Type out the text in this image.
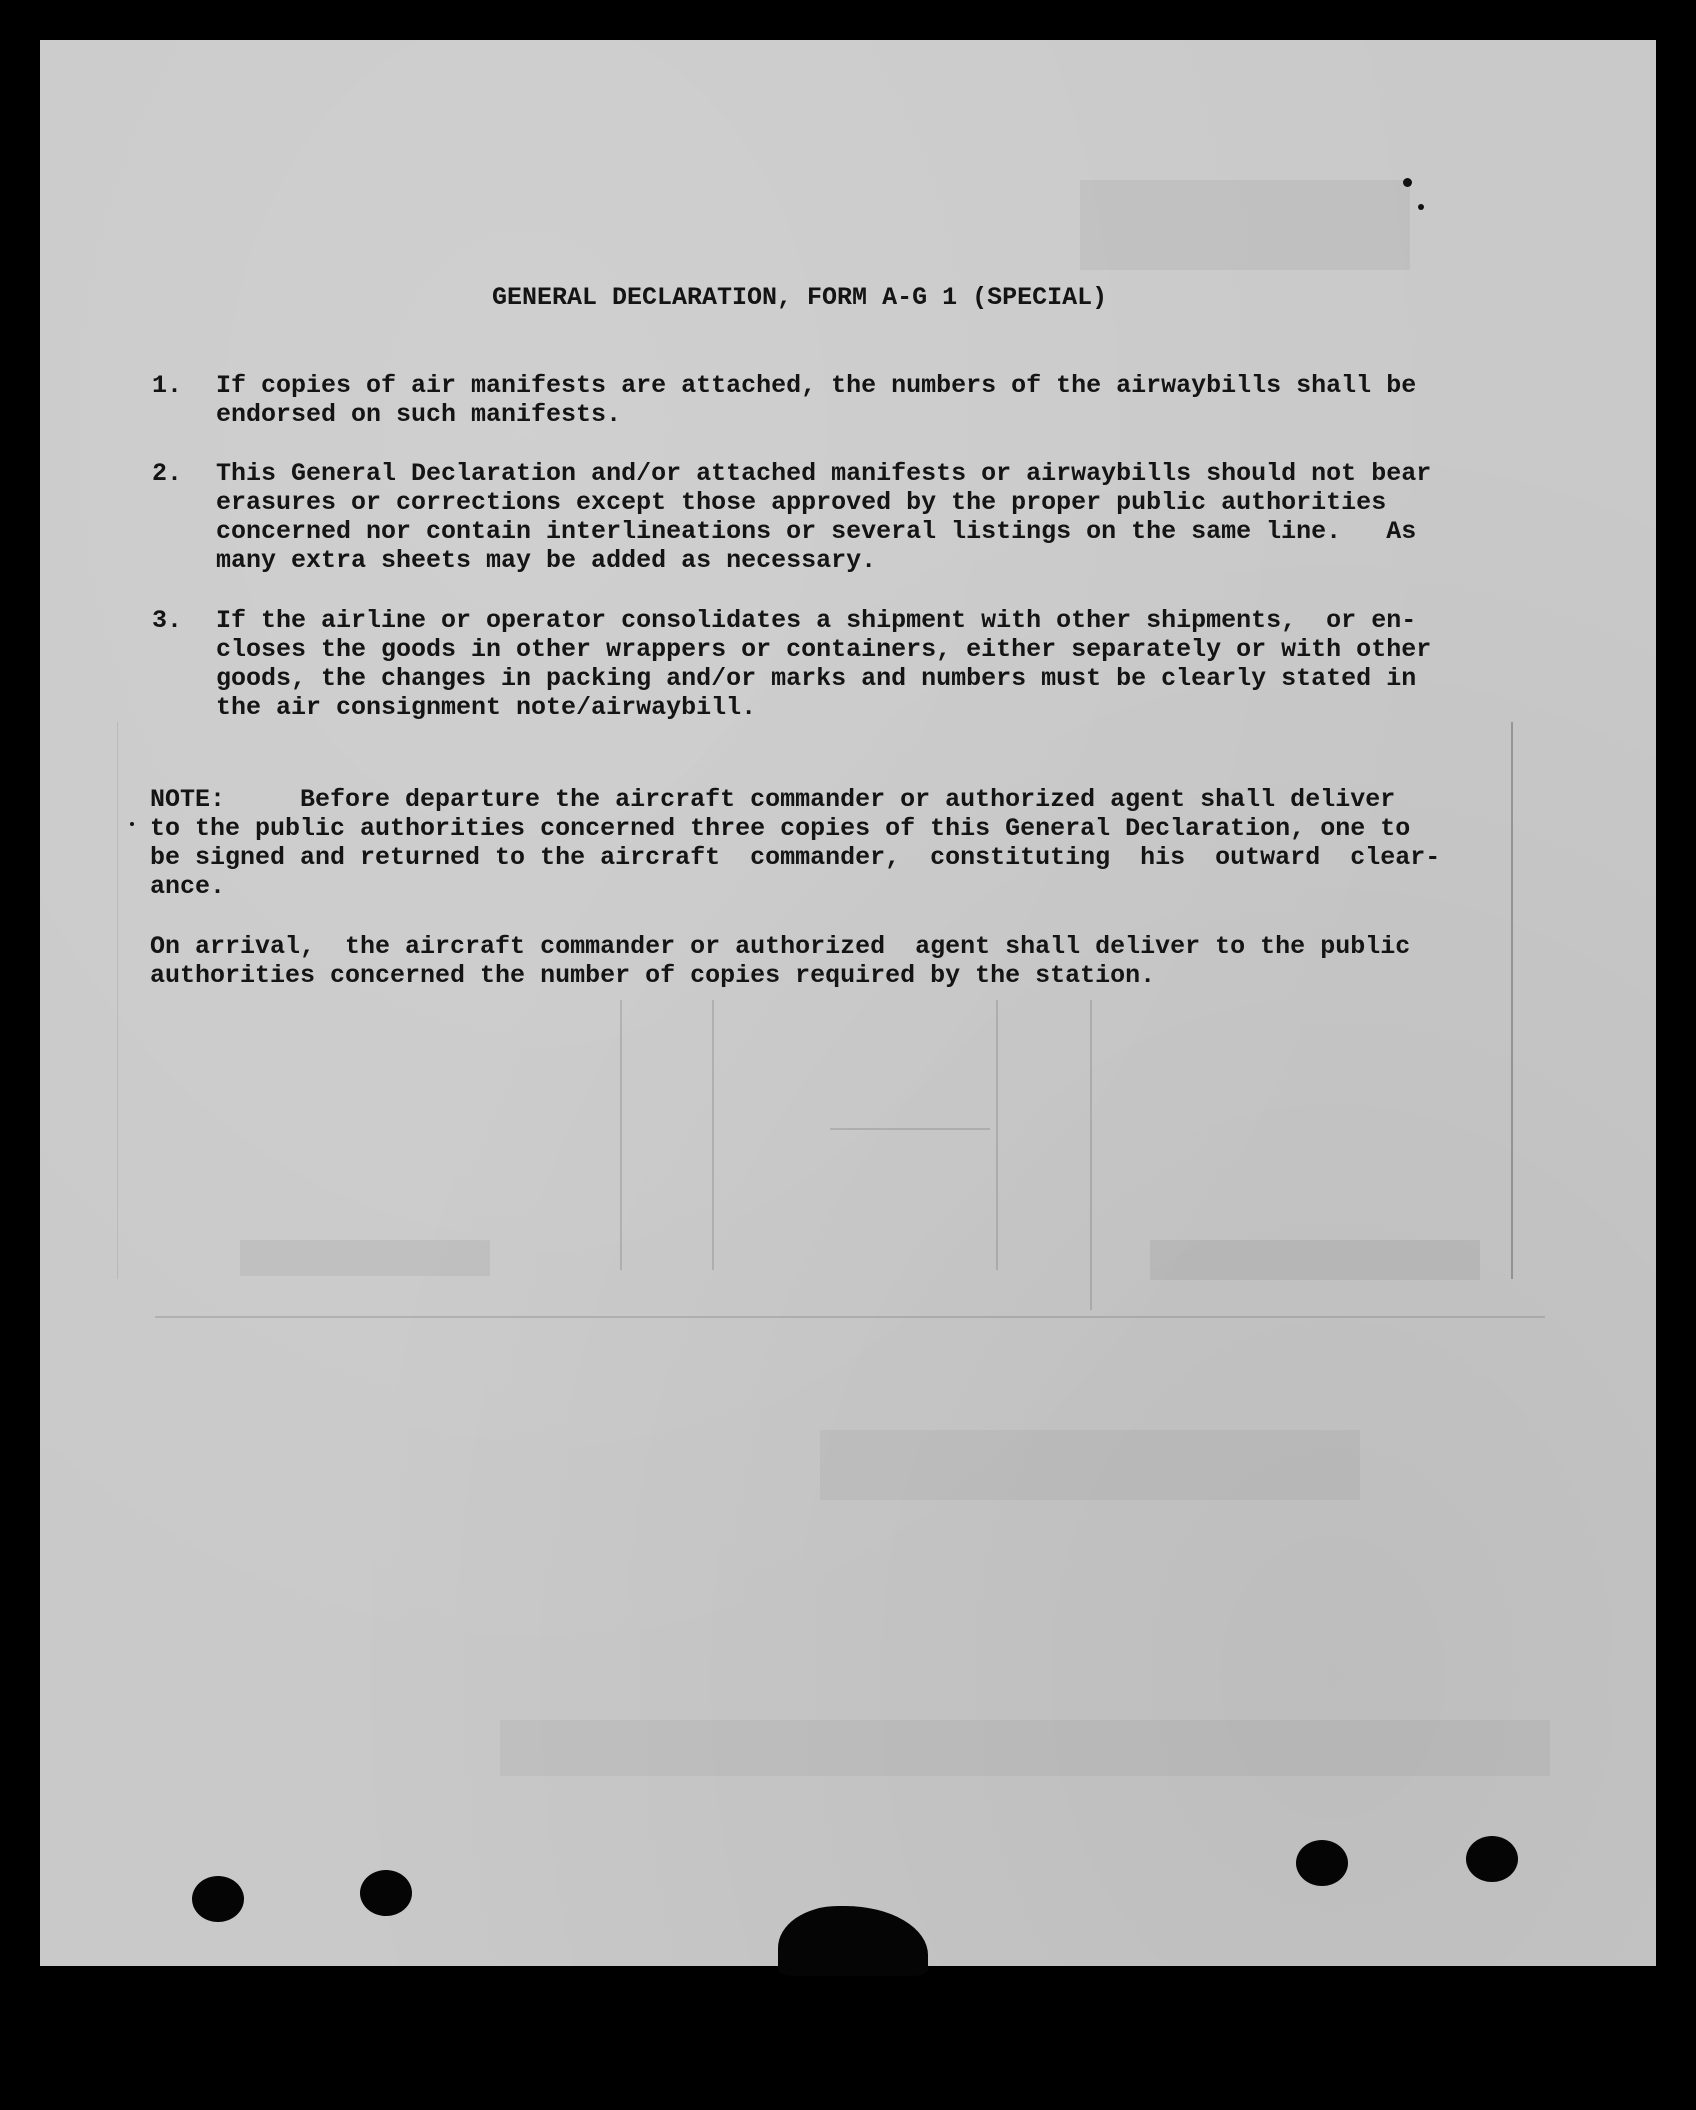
GENERAL DECLARATION, FORM A-G 1 (SPECIAL)

1. If copies of air manifests are attached, the numbers of the airwaybills shall be

endorsed on such manifests.

2. This General Declaration and/or attached manifests or airwaybills should not bear

erasures or corrections except those approved by the proper public authorities

concerned nor contain interlineations or several listings on the same line.   As

many extra sheets may be added as necessary.

3. If the airline or operator consolidates a shipment with other shipments,  or en-

closes the goods in other wrappers or containers, either separately or with other

goods, the changes in packing and/or marks and numbers must be clearly stated in

the air consignment note/airwaybill.

NOTE:     Before departure the aircraft commander or authorized agent shall deliver

to the public authorities concerned three copies of this General Declaration, one to

be signed and returned to the aircraft  commander,  constituting  his  outward  clear-

ance.

On arrival,  the aircraft commander or authorized  agent shall deliver to the public

authorities concerned the number of copies required by the station.
